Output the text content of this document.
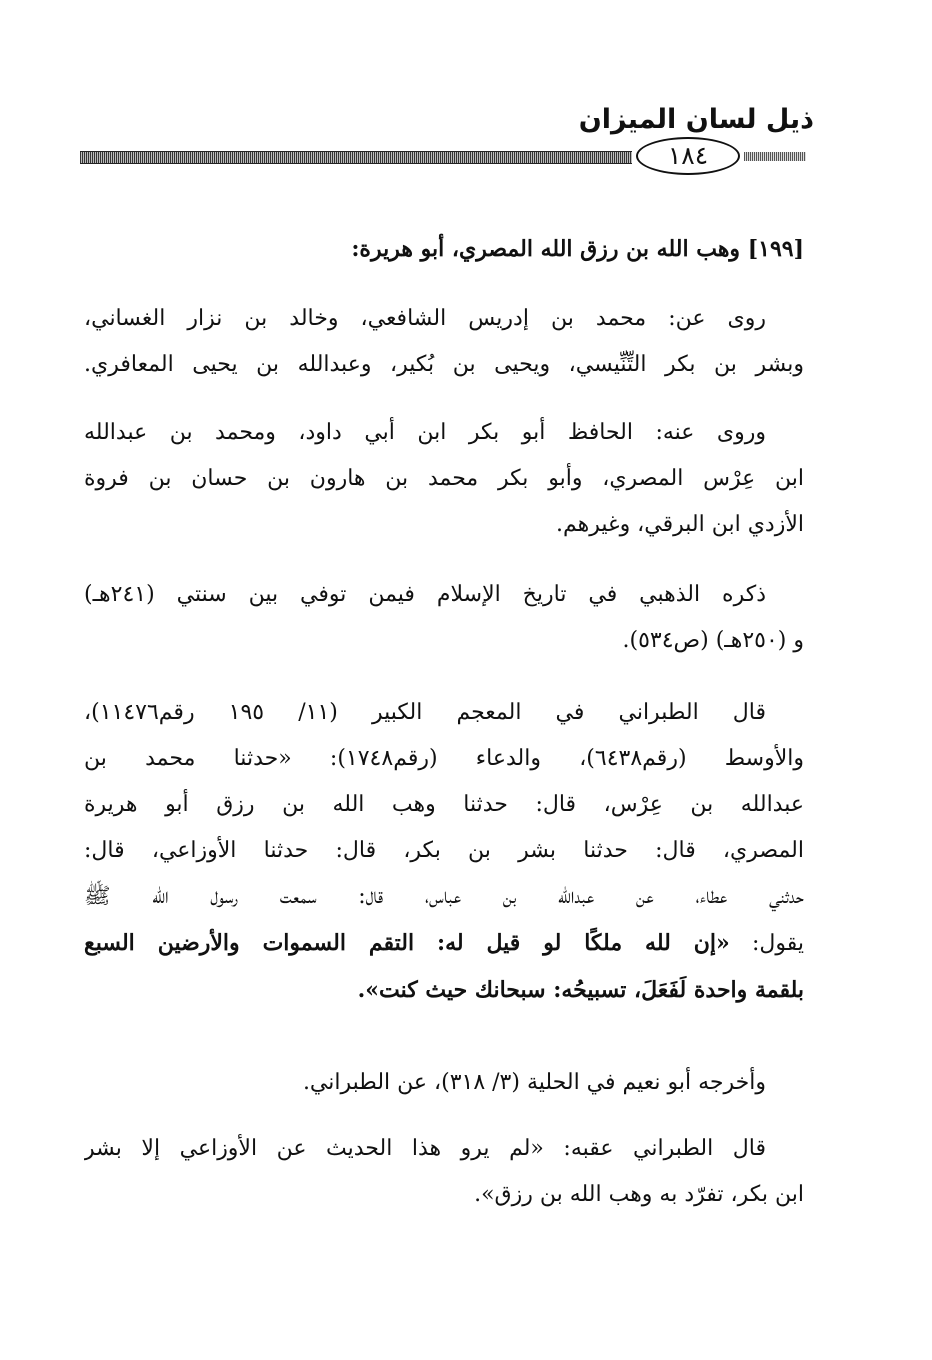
ذيل لسان الميزان
١٨٤
[١٩٩] وهب الله بن رزق الله المصري، أبو هريرة:
روى عن: محمد بن إدريس الشافعي، وخالد بن نزار الغساني،
وبشر بن بكر التِّنِّيسي، ويحيى بن بُكير، وعبدالله بن يحيى المعافري.
وروى عنه: الحافظ أبو بكر ابن أبي داود، ومحمد بن عبدالله
ابن عِرْس المصري، وأبو بكر محمد بن هارون بن حسان بن فروة
الأزدي ابن البرقي، وغيرهم.
ذكره الذهبي في تاريخ الإسلام فيمن توفي بين سنتي (٢٤١هـ)
و (٢٥٠هـ) (ص٥٣٤).
قال الطبراني في المعجم الكبير (١١/ ١٩٥ رقم١١٤٧٦)،
والأوسط (رقم٦٤٣٨)، والدعاء (رقم١٧٤٨): «حدثنا محمد بن
عبدالله بن عِرْس، قال: حدثنا وهب الله بن رزق أبو هريرة
المصري، قال: حدثنا بشر بن بكر، قال: حدثنا الأوزاعي، قال:
حدثني عطاء، عن عبدالله بن عباس، قال: سمعت رسول الله ﷺ
يقول: «إن لله ملكًا لو قيل له: التقم السموات والأرضين السبع
بلقمة واحدة لَفَعَلَ، تسبيحُه: سبحانك حيث كنت».
وأخرجه أبو نعيم في الحلية (٣/ ٣١٨)، عن الطبراني.
قال الطبراني عقبه: «لم يرو هذا الحديث عن الأوزاعي إلا بشر
ابن بكر، تفرّد به وهب الله بن رزق».
